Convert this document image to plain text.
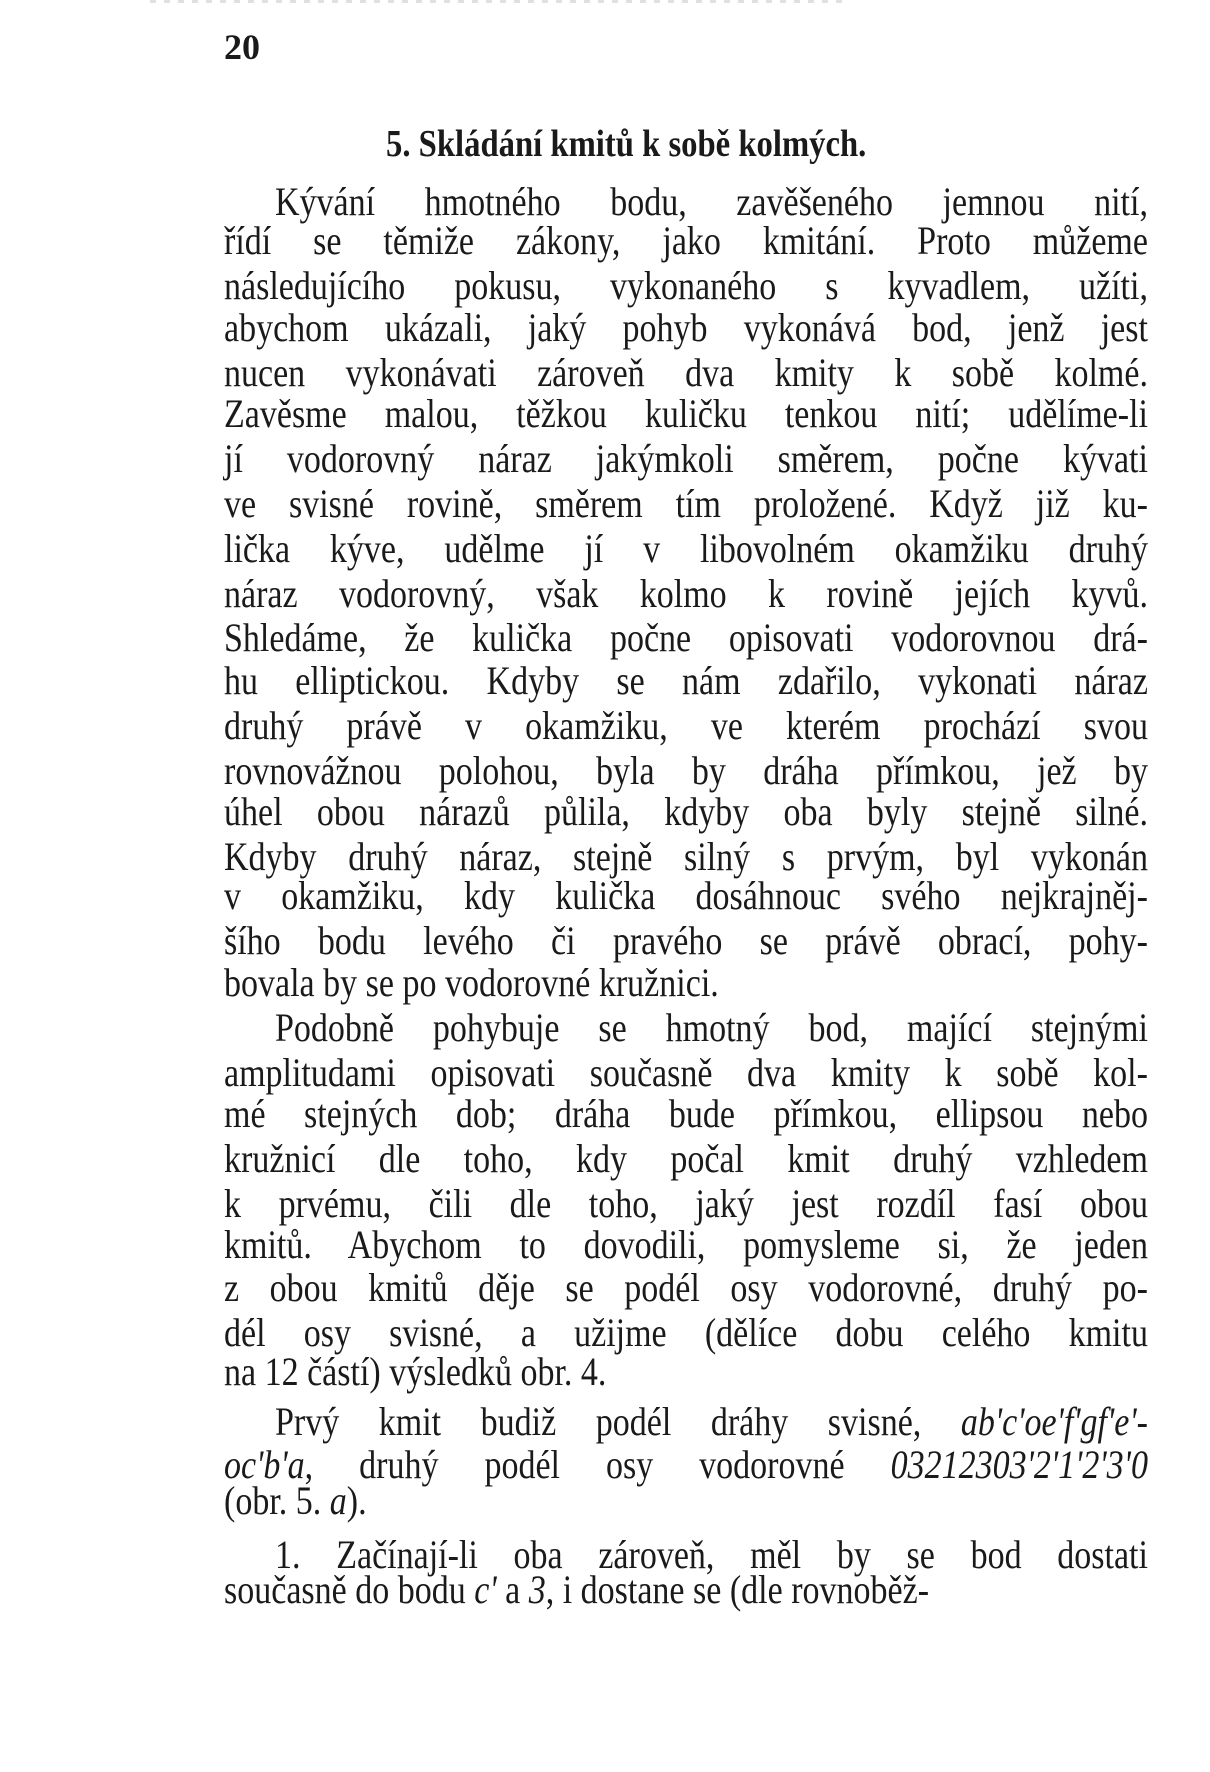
20
5. Skládání kmitů k sobě kolmých.
Kývání hmotného bodu, zavěšeného jemnou nití,
řídí se těmiže zákony, jako kmitání. Proto můžeme
následujícího pokusu, vykonaného s kyvadlem, užíti,
abychom ukázali, jaký pohyb vykonává bod, jenž jest
nucen vykonávati zároveň dva kmity k sobě kolmé.
Zavěsme malou, těžkou kuličku tenkou nití; udělíme-li
jí vodorovný náraz jakýmkoli směrem, počne kývati
ve svisné rovině, směrem tím proložené. Když již ku-
lička kýve, udělme jí v libovolném okamžiku druhý
náraz vodorovný, však kolmo k rovině jejích kyvů.
Shledáme, že kulička počne opisovati vodorovnou drá-
hu elliptickou. Kdyby se nám zdařilo, vykonati náraz
druhý právě v okamžiku, ve kterém prochází svou
rovnovážnou polohou, byla by dráha přímkou, jež by
úhel obou nárazů půlila, kdyby oba byly stejně silné.
Kdyby druhý náraz, stejně silný s prvým, byl vykonán
v okamžiku, kdy kulička dosáhnouc svého nejkrajněj-
šího bodu levého či pravého se právě obrací, pohy-
bovala by se po vodorovné kružnici.
Podobně pohybuje se hmotný bod, mající stejnými
amplitudami opisovati současně dva kmity k sobě kol-
mé stejných dob; dráha bude přímkou, ellipsou nebo
kružnicí dle toho, kdy počal kmit druhý vzhledem
k prvému, čili dle toho, jaký jest rozdíl fasí obou
kmitů. Abychom to dovodili, pomysleme si, že jeden
z obou kmitů děje se podél osy vodorovné, druhý po-
dél osy svisné, a užijme (dělíce dobu celého kmitu
na 12 částí) výsledků obr. 4.
Prvý kmit budiž podél dráhy svisné, ab'c'oe'f'gf'e'-
oc'b'a, druhý podél osy vodorovné 03212303'2'1'2'3'0
(obr. 5. a).
1. Začínají-li oba zároveň, měl by se bod dostati
současně do bodu c' a 3, i dostane se (dle rovnoběž-
